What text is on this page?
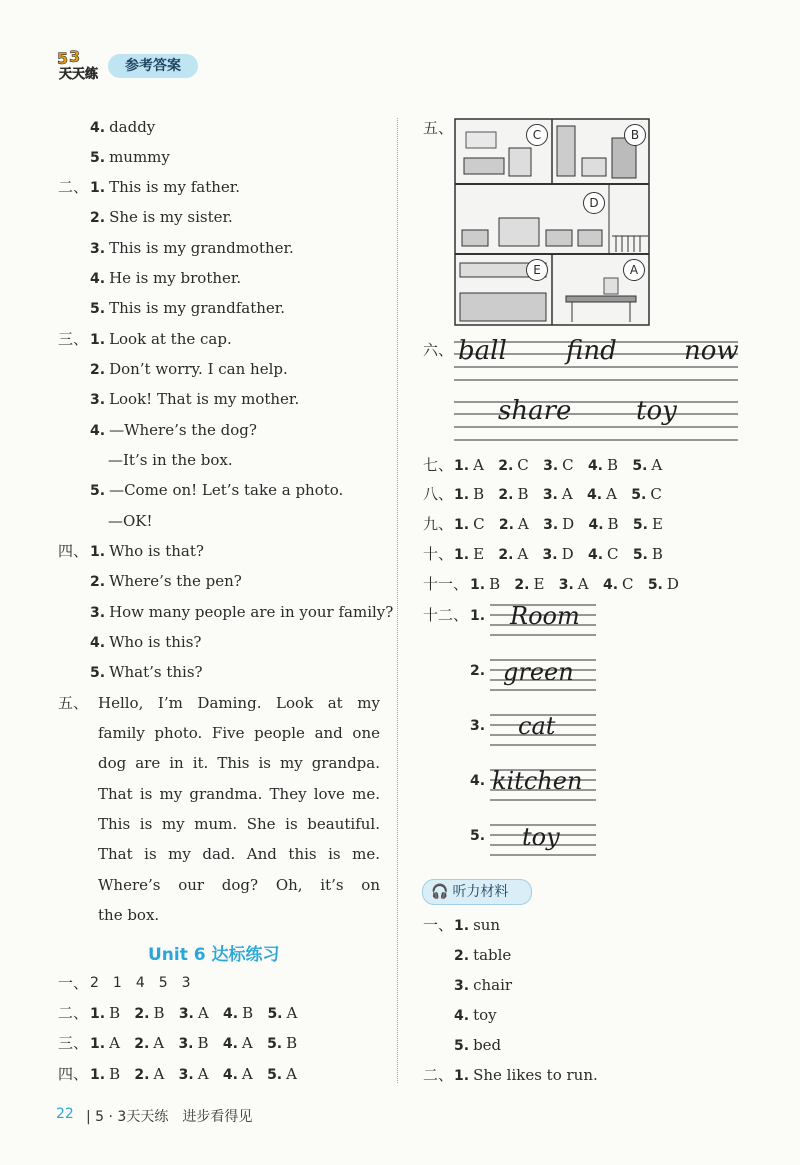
5 3
天天练
参考答案
4. daddy
5. mummy
二、 1. This is my father.
2. She is my sister.
3. This is my grandmother.
4. He is my brother.
5. This is my grandfather.
三、 1. Look at the cap.
2. Don’t worry. I can help.
3. Look! That is my mother.
4. —Where’s the dog?
—It’s in the box.
5. —Come on! Let’s take a photo.
—OK!
四、 1. Who is that?
2. Where’s the pen?
3. How many people are in your family?
4. Who is this?
5. What’s this?
五、 Hello, I’m Daming. Look at my
family photo. Five people and one
dog are in it. This is my grandpa.
That is my grandma. They love me.
This is my mum. She is beautiful.
That is my dad. And this is me.
Where’s our dog? Oh, it’s on
the box.
Unit 6 达标练习
一、 2　1　4　5　3
二、 1. B 2. B 3. A 4. B 5. A
三、 1. A 2. A 3. B 4. A 5. B
四、 1. B 2. A 3. A 4. A 5. A
五、	C	B
D
E	A
六、 ball find	now
share toy
七、 1. A 2. C 3. C 4. B 5. A
八、 1. B 2. B 3. A 4. A 5. C
九、 1. C 2. A 3. D 4. B 5. E
十、 1. E 2. A 3. D 4. C 5. B
十一、 1. B 2. E 3. A 4. C 5. D
十二、 1. Room
2. green
3. cat
4. kitchen
5. toy
🎧 听力材料
一、 1. sun
2. table
3. chair
4. toy
5. bed
二、 1. She likes to run.
22 | 5 · 3天天练　进步看得见
